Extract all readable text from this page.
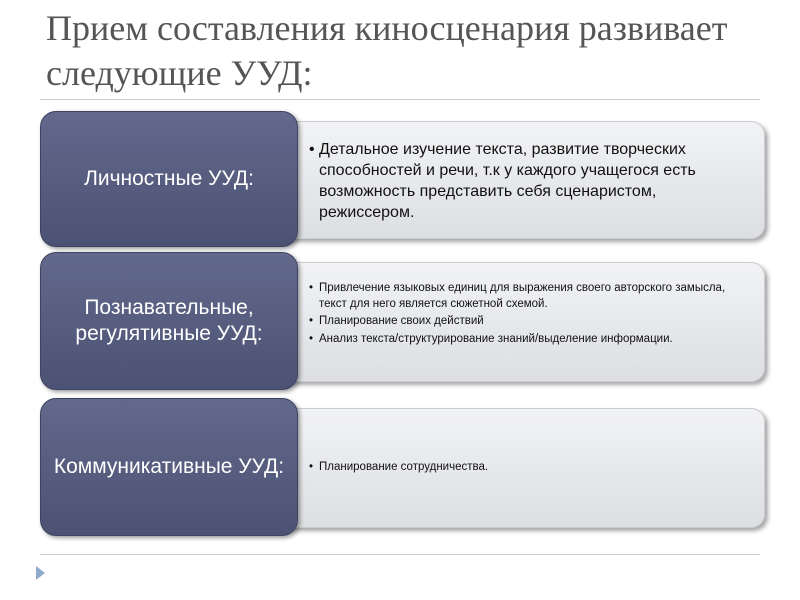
Прием составления киносценария развивает следующие УУД:
• Детальное изучение текста, развитие творческих способностей и речи, т.к у каждого учащегося есть возможность представить себя сценаристом, режиссером.
Личностные УУД:
• Привлечение языковых единиц для выражения своего авторского замысла, текст для него является сюжетной схемой.
• Планирование своих действий
• Анализ текста/структурирование знаний/выделение информации.
Познавательные, регулятивные УУД:
• Планирование сотрудничества.
Коммуникативные УУД:
